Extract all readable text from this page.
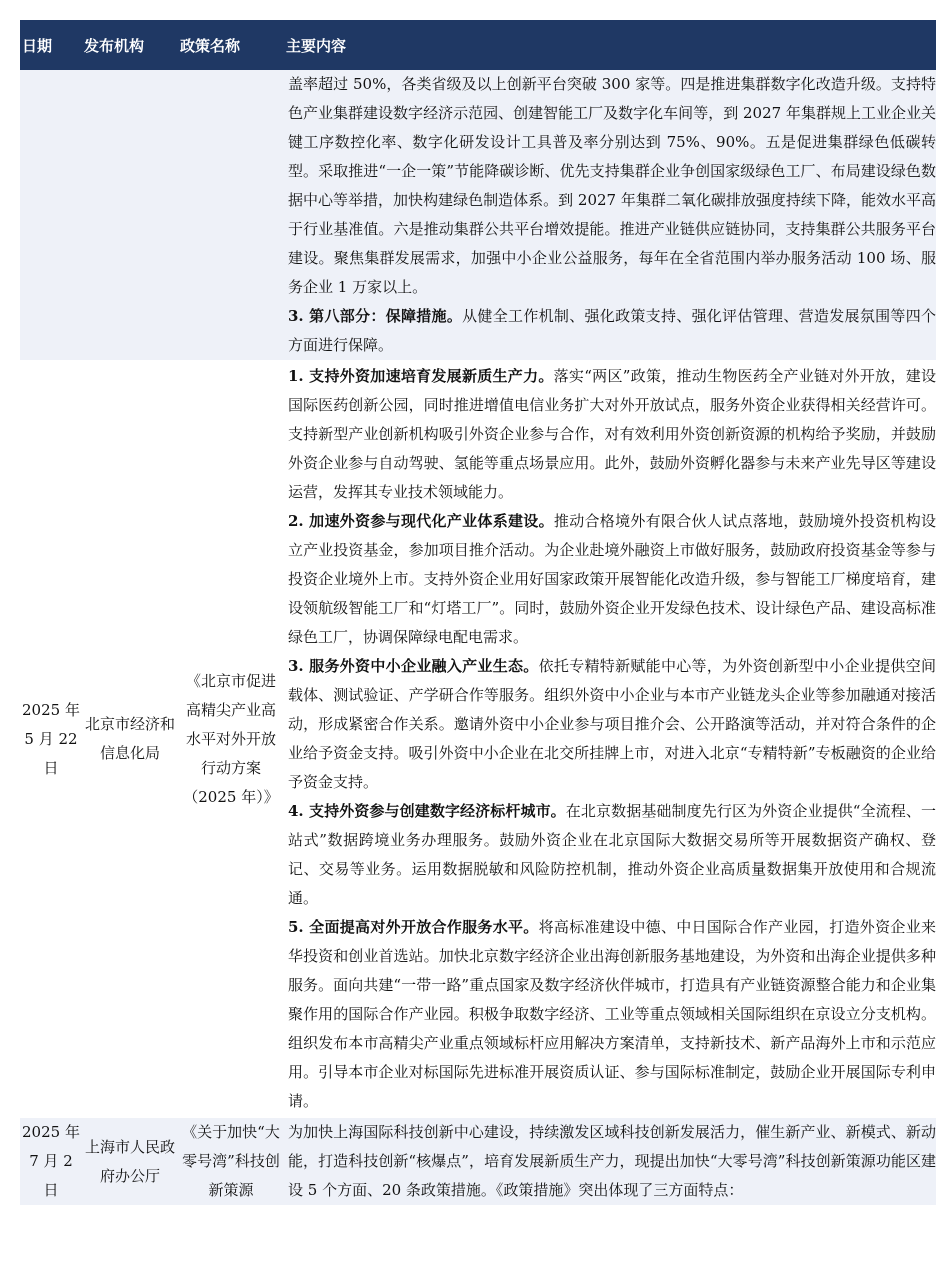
日期	发布机构	政策名称	主要内容

			盖率超过 50%，各类省级及以上创新平台突破 300 家等。四是推进集群数字化改造升级。支持特色产业集群建设数字经济示范园、创建智能工厂及数字化车间等，到 2027 年集群规上工业企业关键工序数控化率、数字化研发设计工具普及率分别达到 75%、90%。五是促进集群绿色低碳转型。采取推进“一企一策”节能降碳诊断、优先支持集群企业争创国家级绿色工厂、布局建设绿色数据中心等举措，加快构建绿色制造体系。到 2027 年集群二氧化碳排放强度持续下降，能效水平高于行业基准值。六是推动集群公共平台增效提能。推进产业链供应链协同，支持集群公共服务平台建设。聚焦集群发展需求，加强中小企业公益服务，每年在全省范围内举办服务活动 100 场、服务企业 1 万家以上。

3. 第八部分：保障措施。从健全工作机制、强化政策支持、强化评估管理、营造发展氛围等四个方面进行保障。

2025 年 5 月 22 日	北京市经济和信息化局	《北京市促进高精尖产业高水平对外开放行动方案（2025 年）》	1. 支持外资加速培育发展新质生产力。落实“两区”政策，推动生物医药全产业链对外开放，建设国际医药创新公园，同时推进增值电信业务扩大对外开放试点，服务外资企业获得相关经营许可。支持新型产业创新机构吸引外资企业参与合作，对有效利用外资创新资源的机构给予奖励，并鼓励外资企业参与自动驾驶、氢能等重点场景应用。此外，鼓励外资孵化器参与未来产业先导区等建设运营，发挥其专业技术领域能力。

2. 加速外资参与现代化产业体系建设。推动合格境外有限合伙人试点落地，鼓励境外投资机构设立产业投资基金，参加项目推介活动。为企业赴境外融资上市做好服务，鼓励政府投资基金等参与投资企业境外上市。支持外资企业用好国家政策开展智能化改造升级，参与智能工厂梯度培育，建设领航级智能工厂和“灯塔工厂”。同时，鼓励外资企业开发绿色技术、设计绿色产品、建设高标准绿色工厂，协调保障绿电配电需求。

3. 服务外资中小企业融入产业生态。依托专精特新赋能中心等，为外资创新型中小企业提供空间载体、测试验证、产学研合作等服务。组织外资中小企业与本市产业链龙头企业等参加融通对接活动，形成紧密合作关系。邀请外资中小企业参与项目推介会、公开路演等活动，并对符合条件的企业给予资金支持。吸引外资中小企业在北交所挂牌上市，对进入北京“专精特新”专板融资的企业给予资金支持。

4. 支持外资参与创建数字经济标杆城市。在北京数据基础制度先行区为外资企业提供“全流程、一站式”数据跨境业务办理服务。鼓励外资企业在北京国际大数据交易所等开展数据资产确权、登记、交易等业务。运用数据脱敏和风险防控机制，推动外资企业高质量数据集开放使用和合规流通。

5. 全面提高对外开放合作服务水平。将高标准建设中德、中日国际合作产业园，打造外资企业来华投资和创业首选站。加快北京数字经济企业出海创新服务基地建设，为外资和出海企业提供多种服务。面向共建“一带一路”重点国家及数字经济伙伴城市，打造具有产业链资源整合能力和企业集聚作用的国际合作产业园。积极争取数字经济、工业等重点领域相关国际组织在京设立分支机构。组织发布本市高精尖产业重点领域标杆应用解决方案清单，支持新技术、新产品海外上市和示范应用。引导本市企业对标国际先进标准开展资质认证、参与国际标准制定，鼓励企业开展国际专利申请。

2025 年 7 月 2 日	上海市人民政府办公厅	《关于加快“大零号湾”科技创新策源	为加快上海国际科技创新中心建设，持续激发区域科技创新发展活力，催生新产业、新模式、新动能，打造科技创新“核爆点”，培育发展新质生产力，现提出加快“大零号湾”科技创新策源功能区建设 5 个方面、20 条政策措施。《政策措施》突出体现了三方面特点：
